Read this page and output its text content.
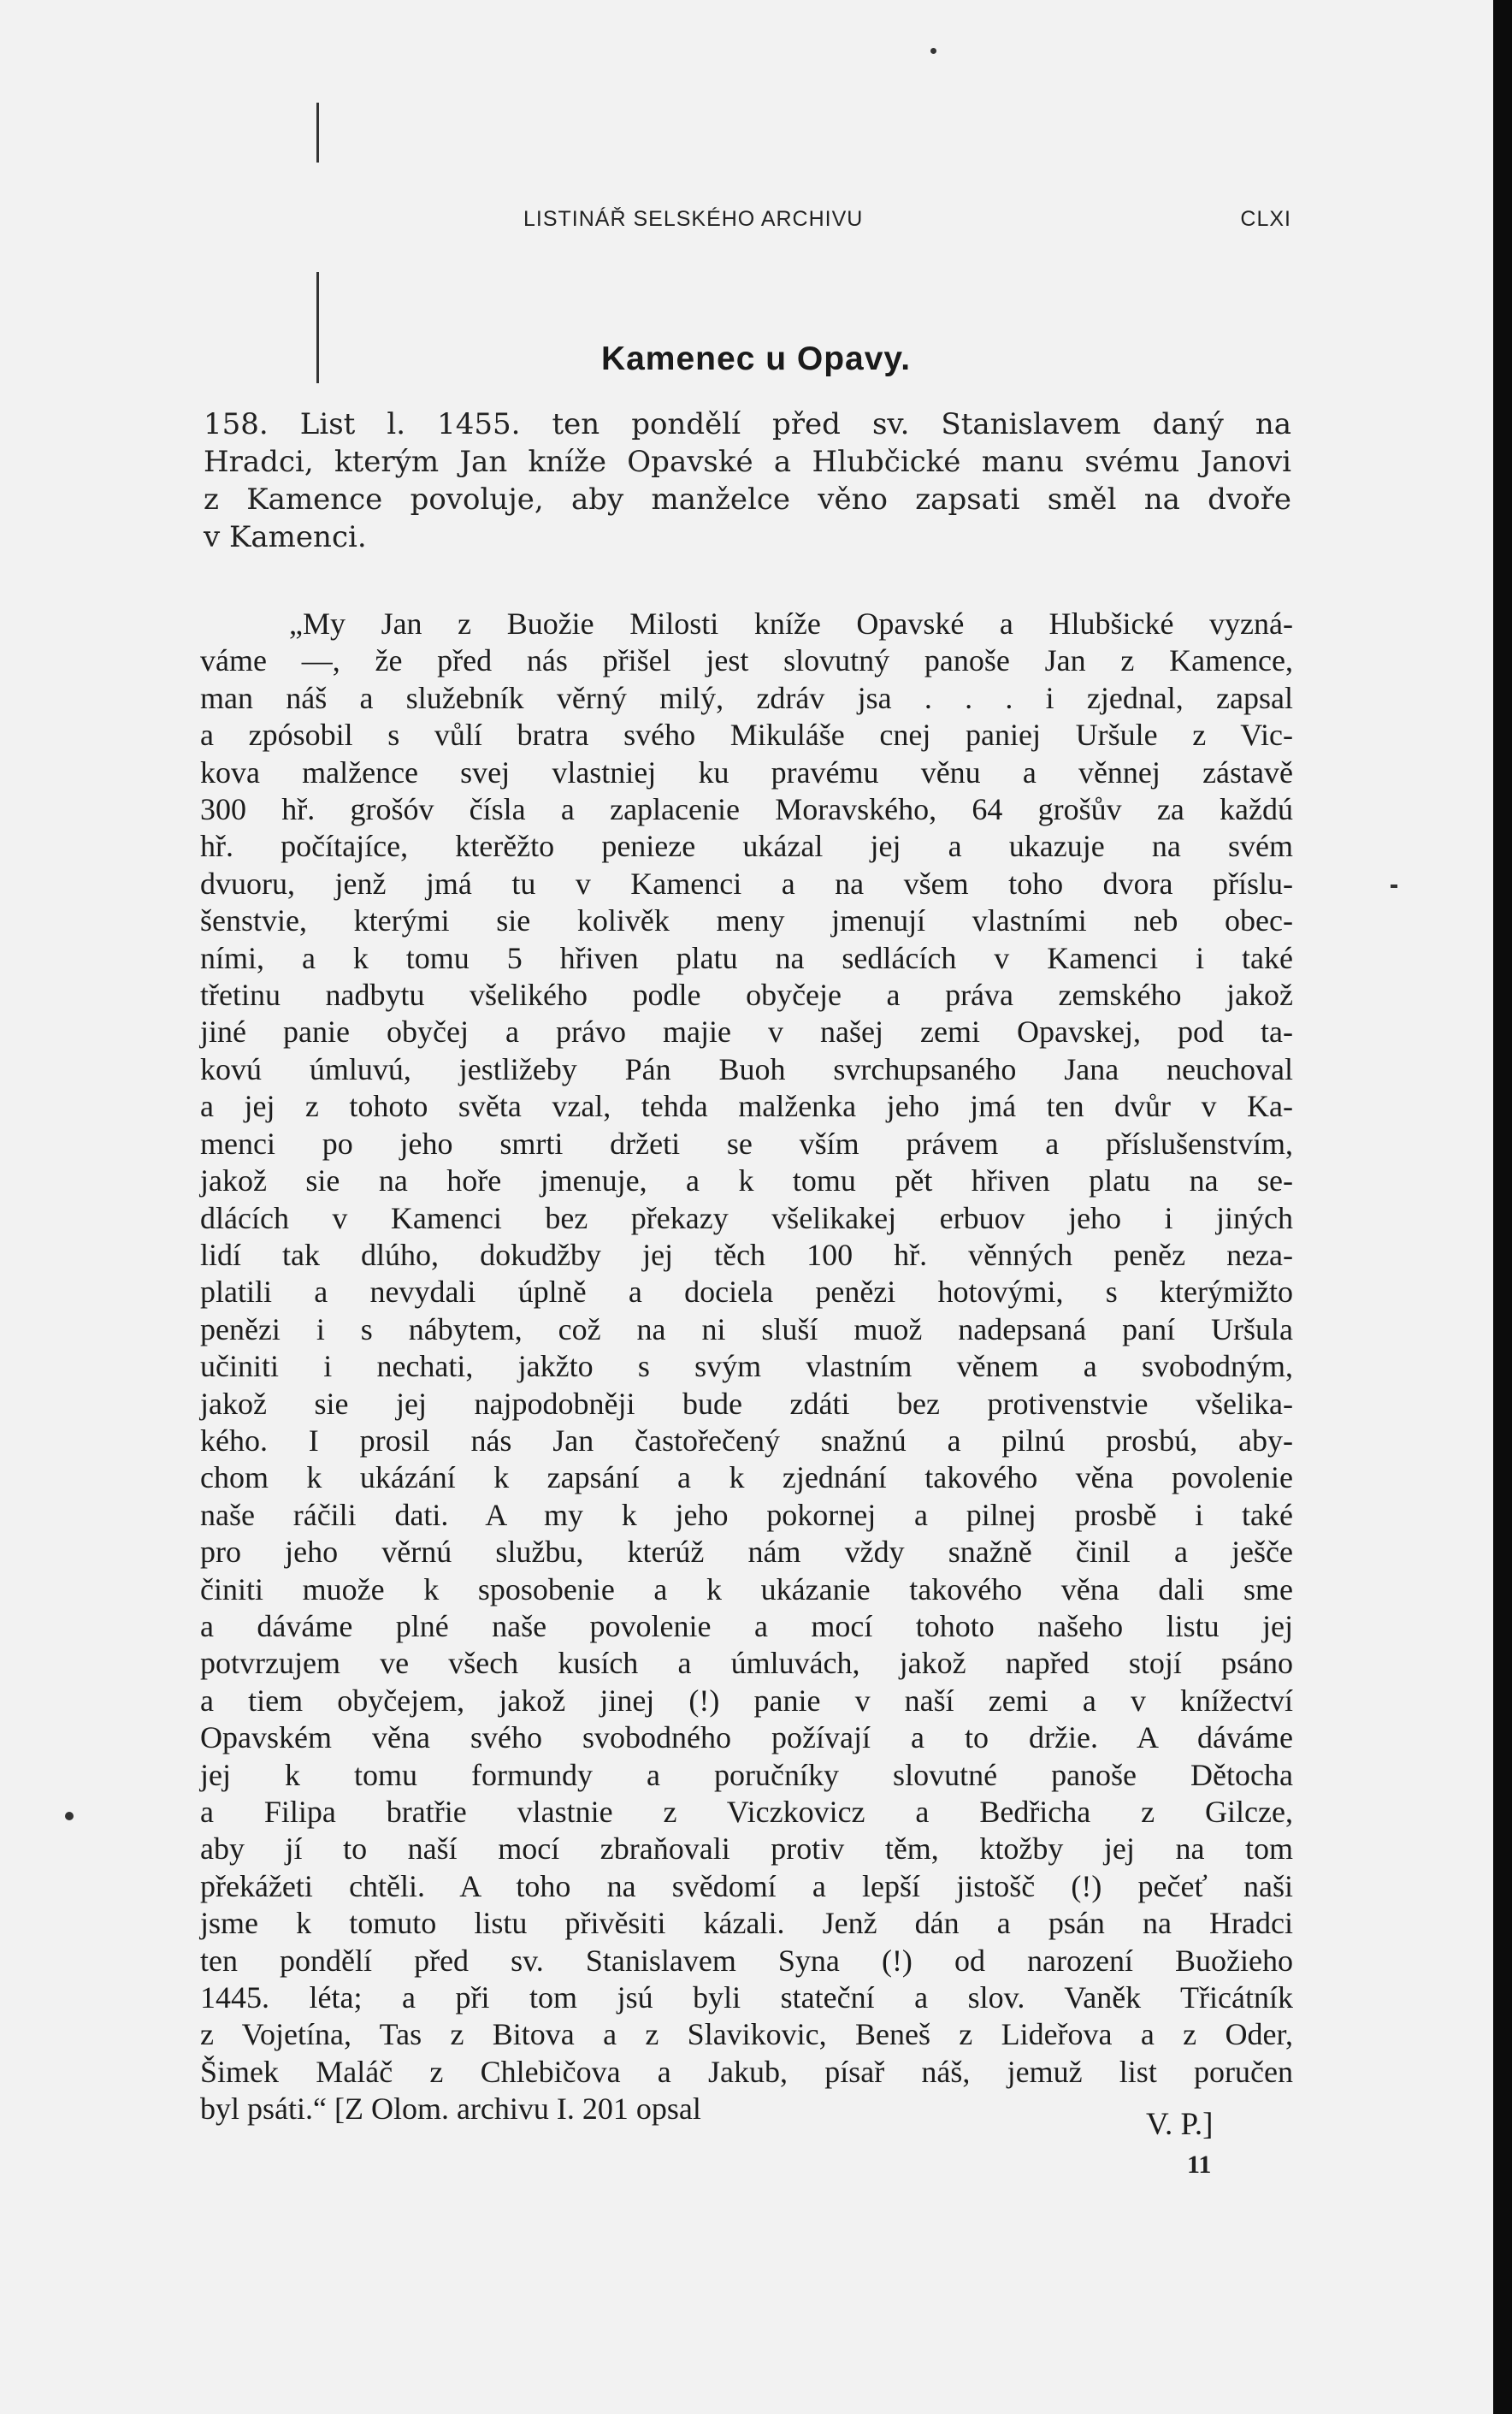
LISTINÁŘ SELSKÉHO ARCHIVU	CLXI
Kamenec u Opavy.
158. List l. 1455. ten pondělí před sv. Stanislavem daný na
Hradci, kterým Jan kníže Opavské a Hlubčické manu svému Janovi
z Kamence povoluje, aby manželce věno zapsati směl na dvoře
v Kamenci.
„My Jan z Buožie Milosti kníže Opavské a Hlubšické vyzná-
váme —, že před nás přišel jest slovutný panoše Jan z Kamence,
man náš a služebník věrný milý, zdráv jsa . . . i zjednal, zapsal
a zpósobil s vůlí bratra svého Mikuláše cnej paniej Uršule z Vic-
kova malžence svej vlastniej ku pravému věnu a věnnej zástavě
300 hř. grošóv čísla a zaplacenie Moravského, 64 grošův za každú
hř. počítajíce, kterěžto penieze ukázal jej a ukazuje na svém
dvuoru, jenž jmá tu v Kamenci a na všem toho dvora příslu-
šenstvie, kterými sie kolivěk meny jmenují vlastními neb obec-
ními, a k tomu 5 hřiven platu na sedlácích v Kamenci i také
třetinu nadbytu všelikého podle obyčeje a práva zemského jakož
jiné panie obyčej a právo majie v našej zemi Opavskej, pod ta-
kovú úmluvú, jestližeby Pán Buoh svrchupsaného Jana neuchoval
a jej z tohoto světa vzal, tehda malženka jeho jmá ten dvůr v Ka-
menci po jeho smrti držeti se vším právem a příslušenstvím,
jakož sie na hoře jmenuje, a k tomu pět hřiven platu na se-
dlácích v Kamenci bez překazy všelikakej erbuov jeho i jiných
lidí tak dlúho, dokudžby jej těch 100 hř. věnných peněz neza-
platili a nevydali úplně a dociela penězi hotovými, s kterýmižto
penězi i s nábytem, což na ni sluší muož nadepsaná paní Uršula
učiniti i nechati, jakžto s svým vlastním věnem a svobodným,
jakož sie jej najpodobněji bude zdáti bez protivenstvie všelika-
kého. I prosil nás Jan častořečený snažnú a pilnú prosbú, aby-
chom k ukázání k zapsání a k zjednání takového věna povolenie
naše ráčili dati. A my k jeho pokornej a pilnej prosbě i také
pro jeho věrnú službu, kterúž nám vždy snažně činil a ješče
činiti muože k sposobenie a k ukázanie takového věna dali sme
a dáváme plné naše povolenie a mocí tohoto našeho listu jej
potvrzujem ve všech kusích a úmluvách, jakož napřed stojí psáno
a tiem obyčejem, jakož jinej (!) panie v naší zemi a v knížectví
Opavském věna svého svobodného požívají a to držie. A dáváme
jej k tomu formundy a poručníky slovutné panoše Dětocha
a Filipa bratřie vlastnie z Viczkovicz a Bedřicha z Gilcze,
aby jí to naší mocí zbraňovali protiv těm, ktožby jej na tom
překážeti chtěli. A toho na svědomí a lepší jistošč (!) pečeť naši
jsme k tomuto listu přivěsiti kázali. Jenž dán a psán na Hradci
ten pondělí před sv. Stanislavem Syna (!) od narození Buožieho
1445. léta; a při tom jsú byli stateční a slov. Vaněk Třicátník
z Vojetína, Tas z Bitova a z Slavikovic, Beneš z Lideřova a z Oder,
Šimek Maláč z Chlebičova a Jakub, písař náš, jemuž list poručen
byl psáti.“ [Z Olom. archivu I. 201 opsal	V. P.]
11
